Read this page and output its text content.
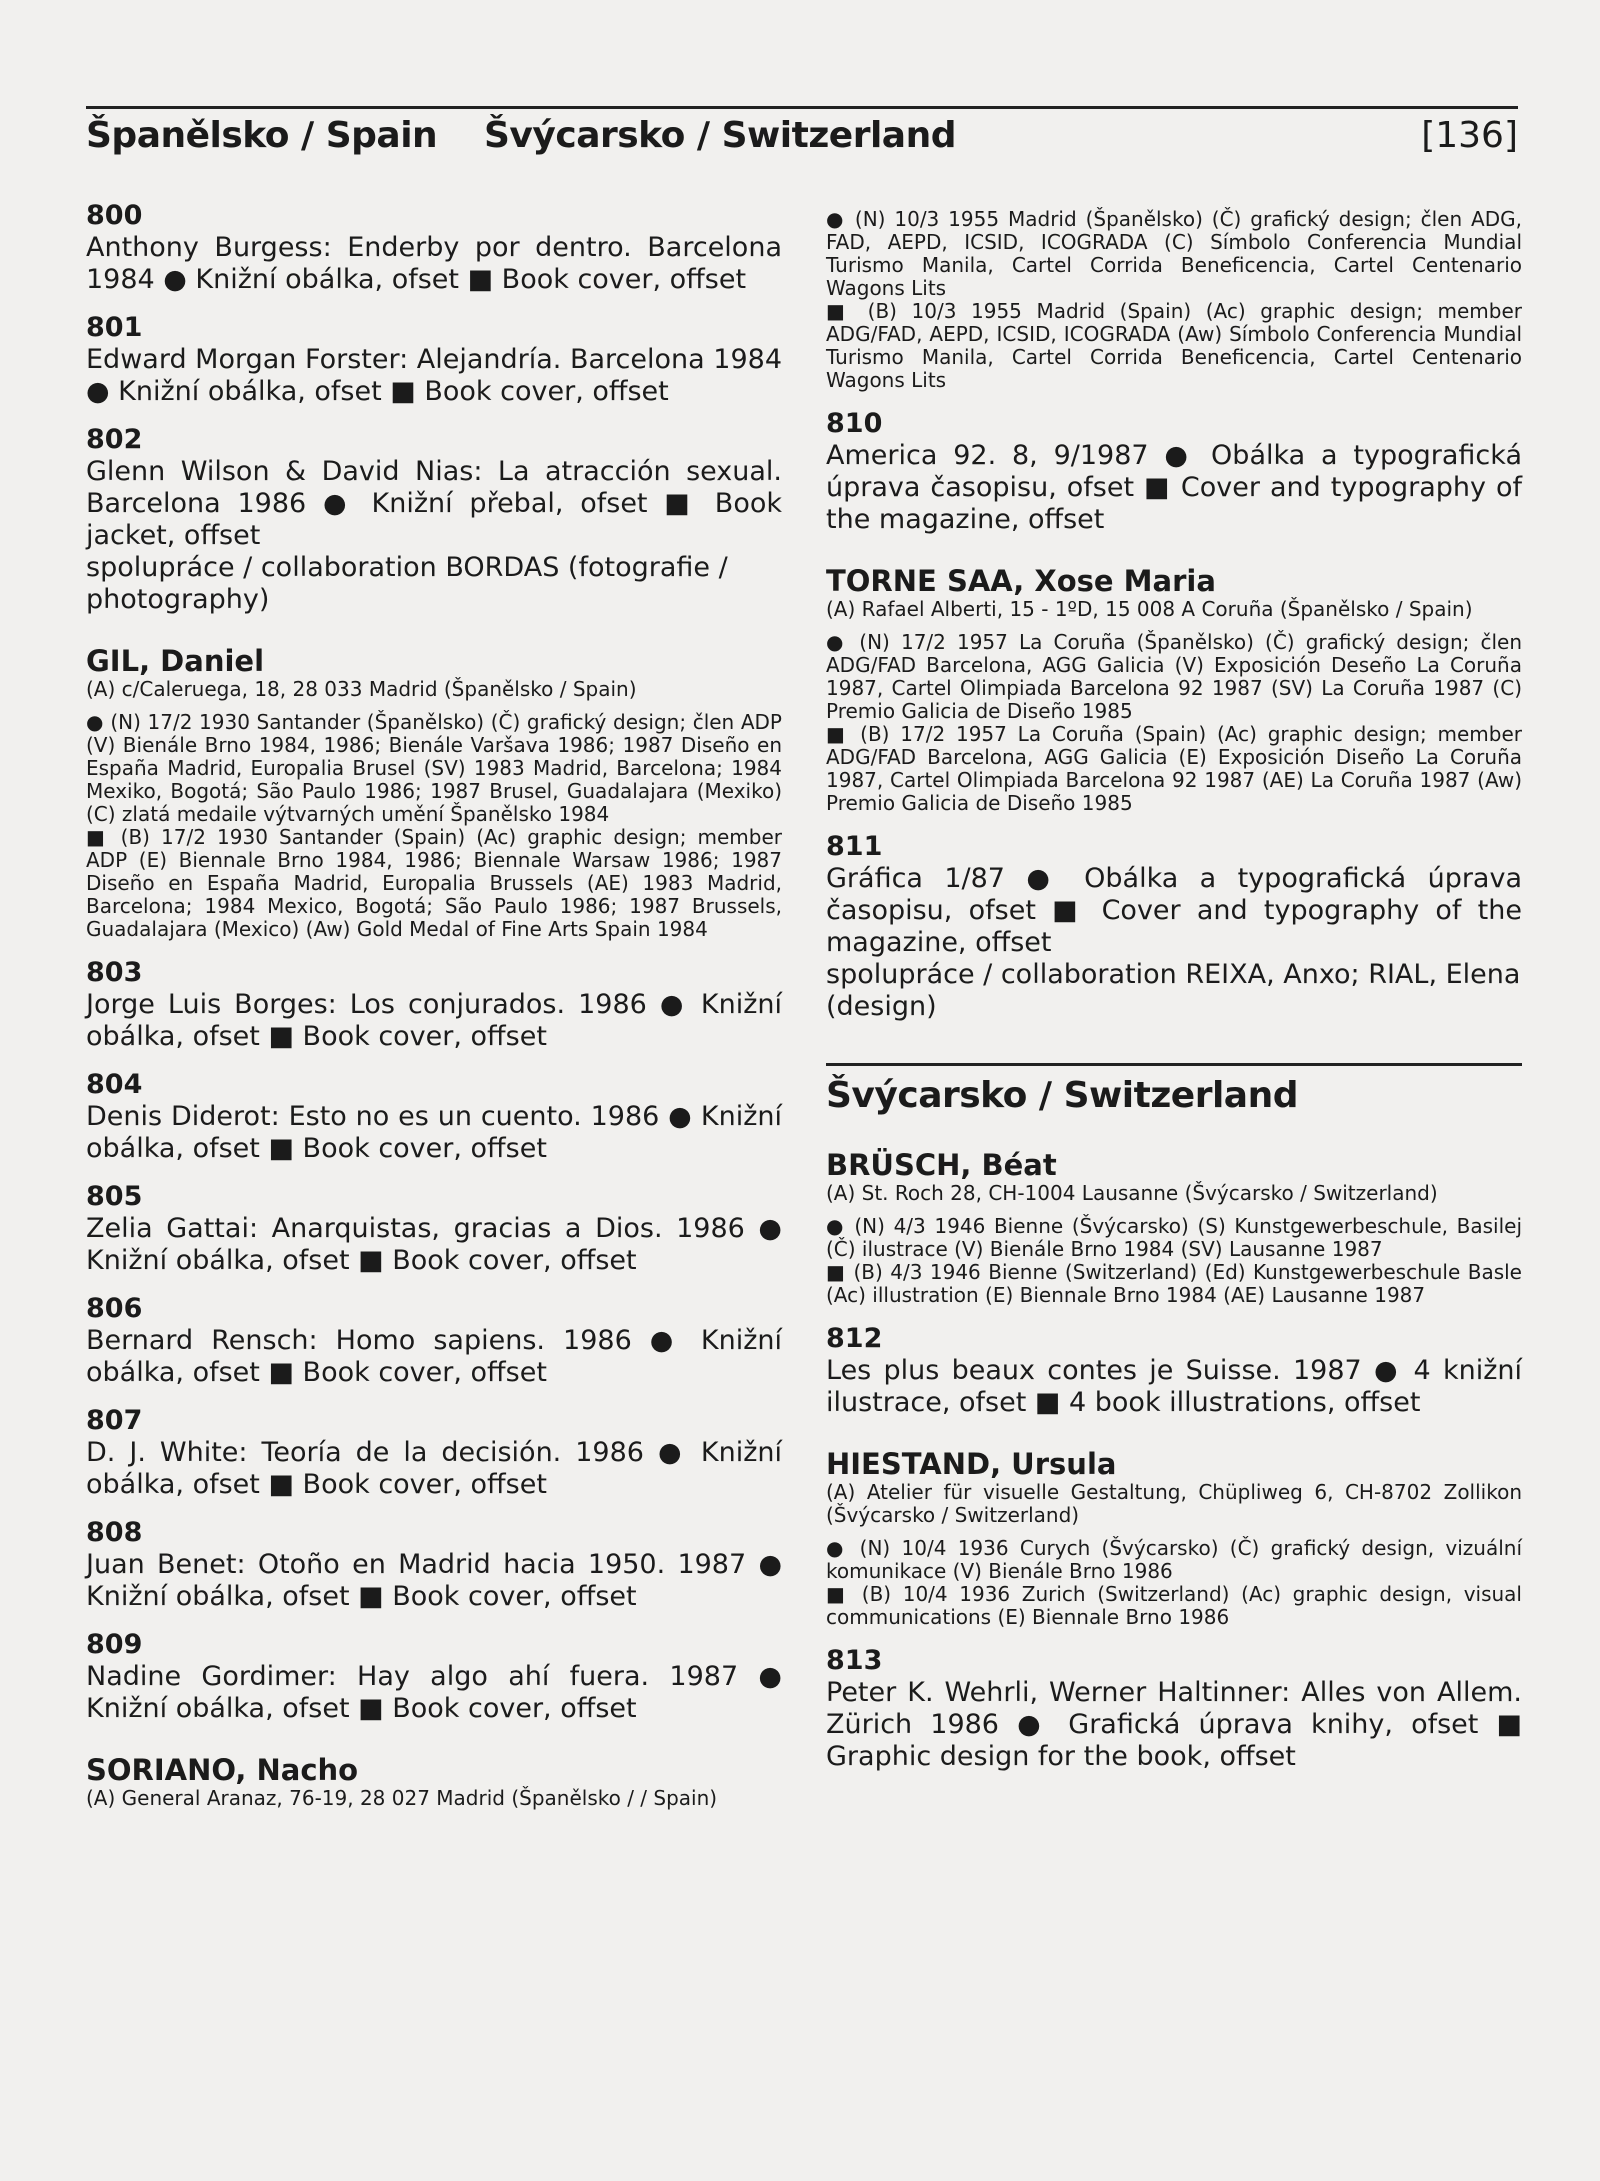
Španělsko / Spain Švýcarsko / Switzerland	[136]
800
Anthony Burgess: Enderby por dentro. Barcelona 1984 ● Knižní obálka, ofset ■ Book cover, offset
801
Edward Morgan Forster: Alejandría. Barcelona 1984 ● Knižní obálka, ofset ■ Book cover, offset
802
Glenn Wilson & David Nias: La atracción sexual. Barcelona 1986 ● Knižní přebal, ofset ■ Book jacket, offset
spolupráce / collaboration BORDAS (fotografie / photography)
GIL, Daniel
(A) c/Caleruega, 18, 28 033 Madrid (Španělsko / Spain)
● (N) 17/2 1930 Santander (Španělsko) (Č) grafický design; člen ADP (V) Bienále Brno 1984, 1986; Bienále Varšava 1986; 1987 Diseño en España Madrid, Europalia Brusel (SV) 1983 Madrid, Barcelona; 1984 Mexiko, Bogotá; São Paulo 1986; 1987 Brusel, Guadalajara (Mexiko) (C) zlatá medaile výtvarných umění Španělsko 1984
■ (B) 17/2 1930 Santander (Spain) (Ac) graphic design; member ADP (E) Biennale Brno 1984, 1986; Biennale Warsaw 1986; 1987 Diseño en España Madrid, Europalia Brussels (AE) 1983 Madrid, Barcelona; 1984 Mexico, Bogotá; São Paulo 1986; 1987 Brussels, Guadalajara (Mexico) (Aw) Gold Medal of Fine Arts Spain 1984
803
Jorge Luis Borges: Los conjurados. 1986 ● Knižní obálka, ofset ■ Book cover, offset
804
Denis Diderot: Esto no es un cuento. 1986 ● Knižní obálka, ofset ■ Book cover, offset
805
Zelia Gattai: Anarquistas, gracias a Dios. 1986 ● Knižní obálka, ofset ■ Book cover, offset
806
Bernard Rensch: Homo sapiens. 1986 ● Knižní obálka, ofset ■ Book cover, offset
807
D. J. White: Teoría de la decisión. 1986 ● Knižní obálka, ofset ■ Book cover, offset
808
Juan Benet: Otoño en Madrid hacia 1950. 1987 ● Knižní obálka, ofset ■ Book cover, offset
809
Nadine Gordimer: Hay algo ahí fuera. 1987 ● Knižní obálka, ofset ■ Book cover, offset
SORIANO, Nacho
(A) General Aranaz, 76-19, 28 027 Madrid (Španělsko / / Spain)
● (N) 10/3 1955 Madrid (Španělsko) (Č) grafický design; člen ADG, FAD, AEPD, ICSID, ICOGRADA (C) Símbolo Conferencia Mundial Turismo Manila, Cartel Corrida Beneficencia, Cartel Centenario Wagons Lits
■ (B) 10/3 1955 Madrid (Spain) (Ac) graphic design; member ADG/FAD, AEPD, ICSID, ICOGRADA (Aw) Símbolo Conferencia Mundial Turismo Manila, Cartel Corrida Beneficencia, Cartel Centenario Wagons Lits
810
America 92. 8, 9/1987 ● Obálka a typografická úprava časopisu, ofset ■ Cover and typography of the magazine, offset
TORNE SAA, Xose Maria
(A) Rafael Alberti, 15 - 1ºD, 15 008 A Coruña (Španělsko / Spain)
● (N) 17/2 1957 La Coruña (Španělsko) (Č) grafický design; člen ADG/FAD Barcelona, AGG Galicia (V) Exposición Deseño La Coruña 1987, Cartel Olimpiada Barcelona 92 1987 (SV) La Coruña 1987 (C) Premio Galicia de Diseño 1985
■ (B) 17/2 1957 La Coruña (Spain) (Ac) graphic design; member ADG/FAD Barcelona, AGG Galicia (E) Exposición Diseño La Coruña 1987, Cartel Olimpiada Barcelona 92 1987 (AE) La Coruña 1987 (Aw) Premio Galicia de Diseño 1985
811
Gráfica 1/87 ● Obálka a typografická úprava časopisu, ofset ■ Cover and typography of the magazine, offset
spolupráce / collaboration REIXA, Anxo; RIAL, Elena (design)
Švýcarsko / Switzerland
BRÜSCH, Béat
(A) St. Roch 28, CH-1004 Lausanne (Švýcarsko / Switzerland)
● (N) 4/3 1946 Bienne (Švýcarsko) (S) Kunstgewerbeschule, Basilej (Č) ilustrace (V) Bienále Brno 1984 (SV) Lausanne 1987
■ (B) 4/3 1946 Bienne (Switzerland) (Ed) Kunstgewerbeschule Basle (Ac) illustration (E) Biennale Brno 1984 (AE) Lausanne 1987
812
Les plus beaux contes je Suisse. 1987 ● 4 knižní ilustrace, ofset ■ 4 book illustrations, offset
HIESTAND, Ursula
(A) Atelier für visuelle Gestaltung, Chüpliweg 6, CH-8702 Zollikon (Švýcarsko / Switzerland)
● (N) 10/4 1936 Curych (Švýcarsko) (Č) grafický design, vizuální komunikace (V) Bienále Brno 1986
■ (B) 10/4 1936 Zurich (Switzerland) (Ac) graphic design, visual communications (E) Biennale Brno 1986
813
Peter K. Wehrli, Werner Haltinner: Alles von Allem. Zürich 1986 ● Grafická úprava knihy, ofset ■ Graphic design for the book, offset
